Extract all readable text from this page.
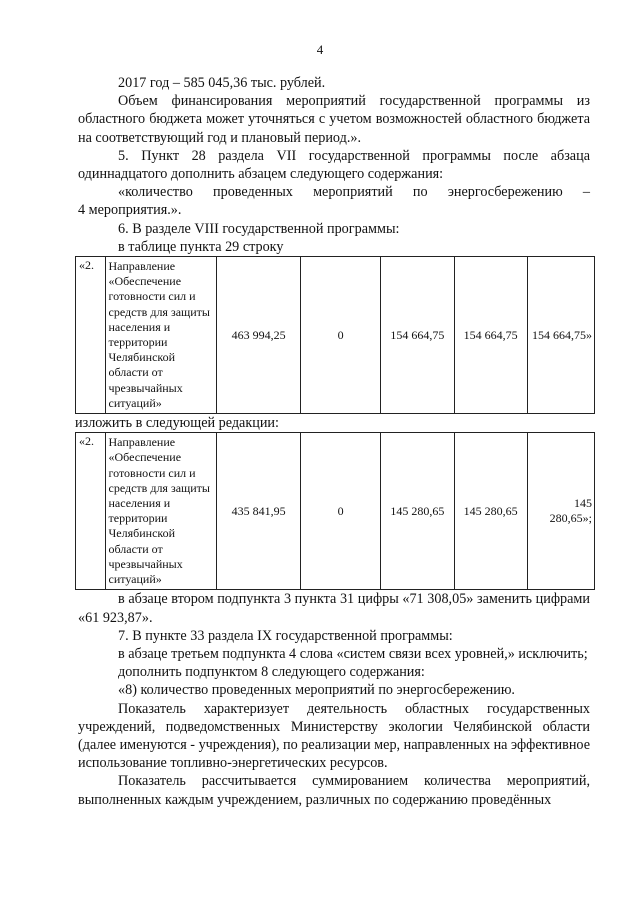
4

2017 год – 585 045,36 тыс. рублей.

Объем финансирования мероприятий государственной программы из областного бюджета может уточняться с учетом возможностей областного бюджета на соответствующий год и плановый период.».

5. Пункт 28 раздела VII государственной программы после абзаца одиннадцатого дополнить абзацем следующего содержания:

«количество проведенных мероприятий по энергосбережению –

4 мероприятия.».

6. В разделе VIII государственной программы:

в таблице пункта 29 строку

«2.	Направление «Обеспечение готовности сил и средств для защиты населения и территории Челябинской области от чрезвычайных ситуаций»	463 994,25	0	154 664,75	154 664,75	154 664,75»

изложить в следующей редакции:

«2.	Направление «Обеспечение готовности сил и средств для защиты населения и территории Челябинской области от чрезвычайных ситуаций»	435 841,95	0	145 280,65	145 280,65	145 280,65»;

в абзаце втором подпункта 3 пункта 31 цифры «71 308,05» заменить цифрами «61 923,87».

7. В пункте 33 раздела IX государственной программы:

в абзаце третьем подпункта 4 слова «систем связи всех уровней,» исключить;

дополнить подпунктом 8 следующего содержания:

«8) количество проведенных мероприятий по энергосбережению.

Показатель характеризует деятельность областных государственных учреждений, подведомственных Министерству экологии Челябинской области (далее именуются - учреждения), по реализации мер, направленных на эффективное использование топливно-энергетических ресурсов.

Показатель рассчитывается суммированием количества мероприятий, выполненных каждым учреждением, различных по содержанию проведённых
